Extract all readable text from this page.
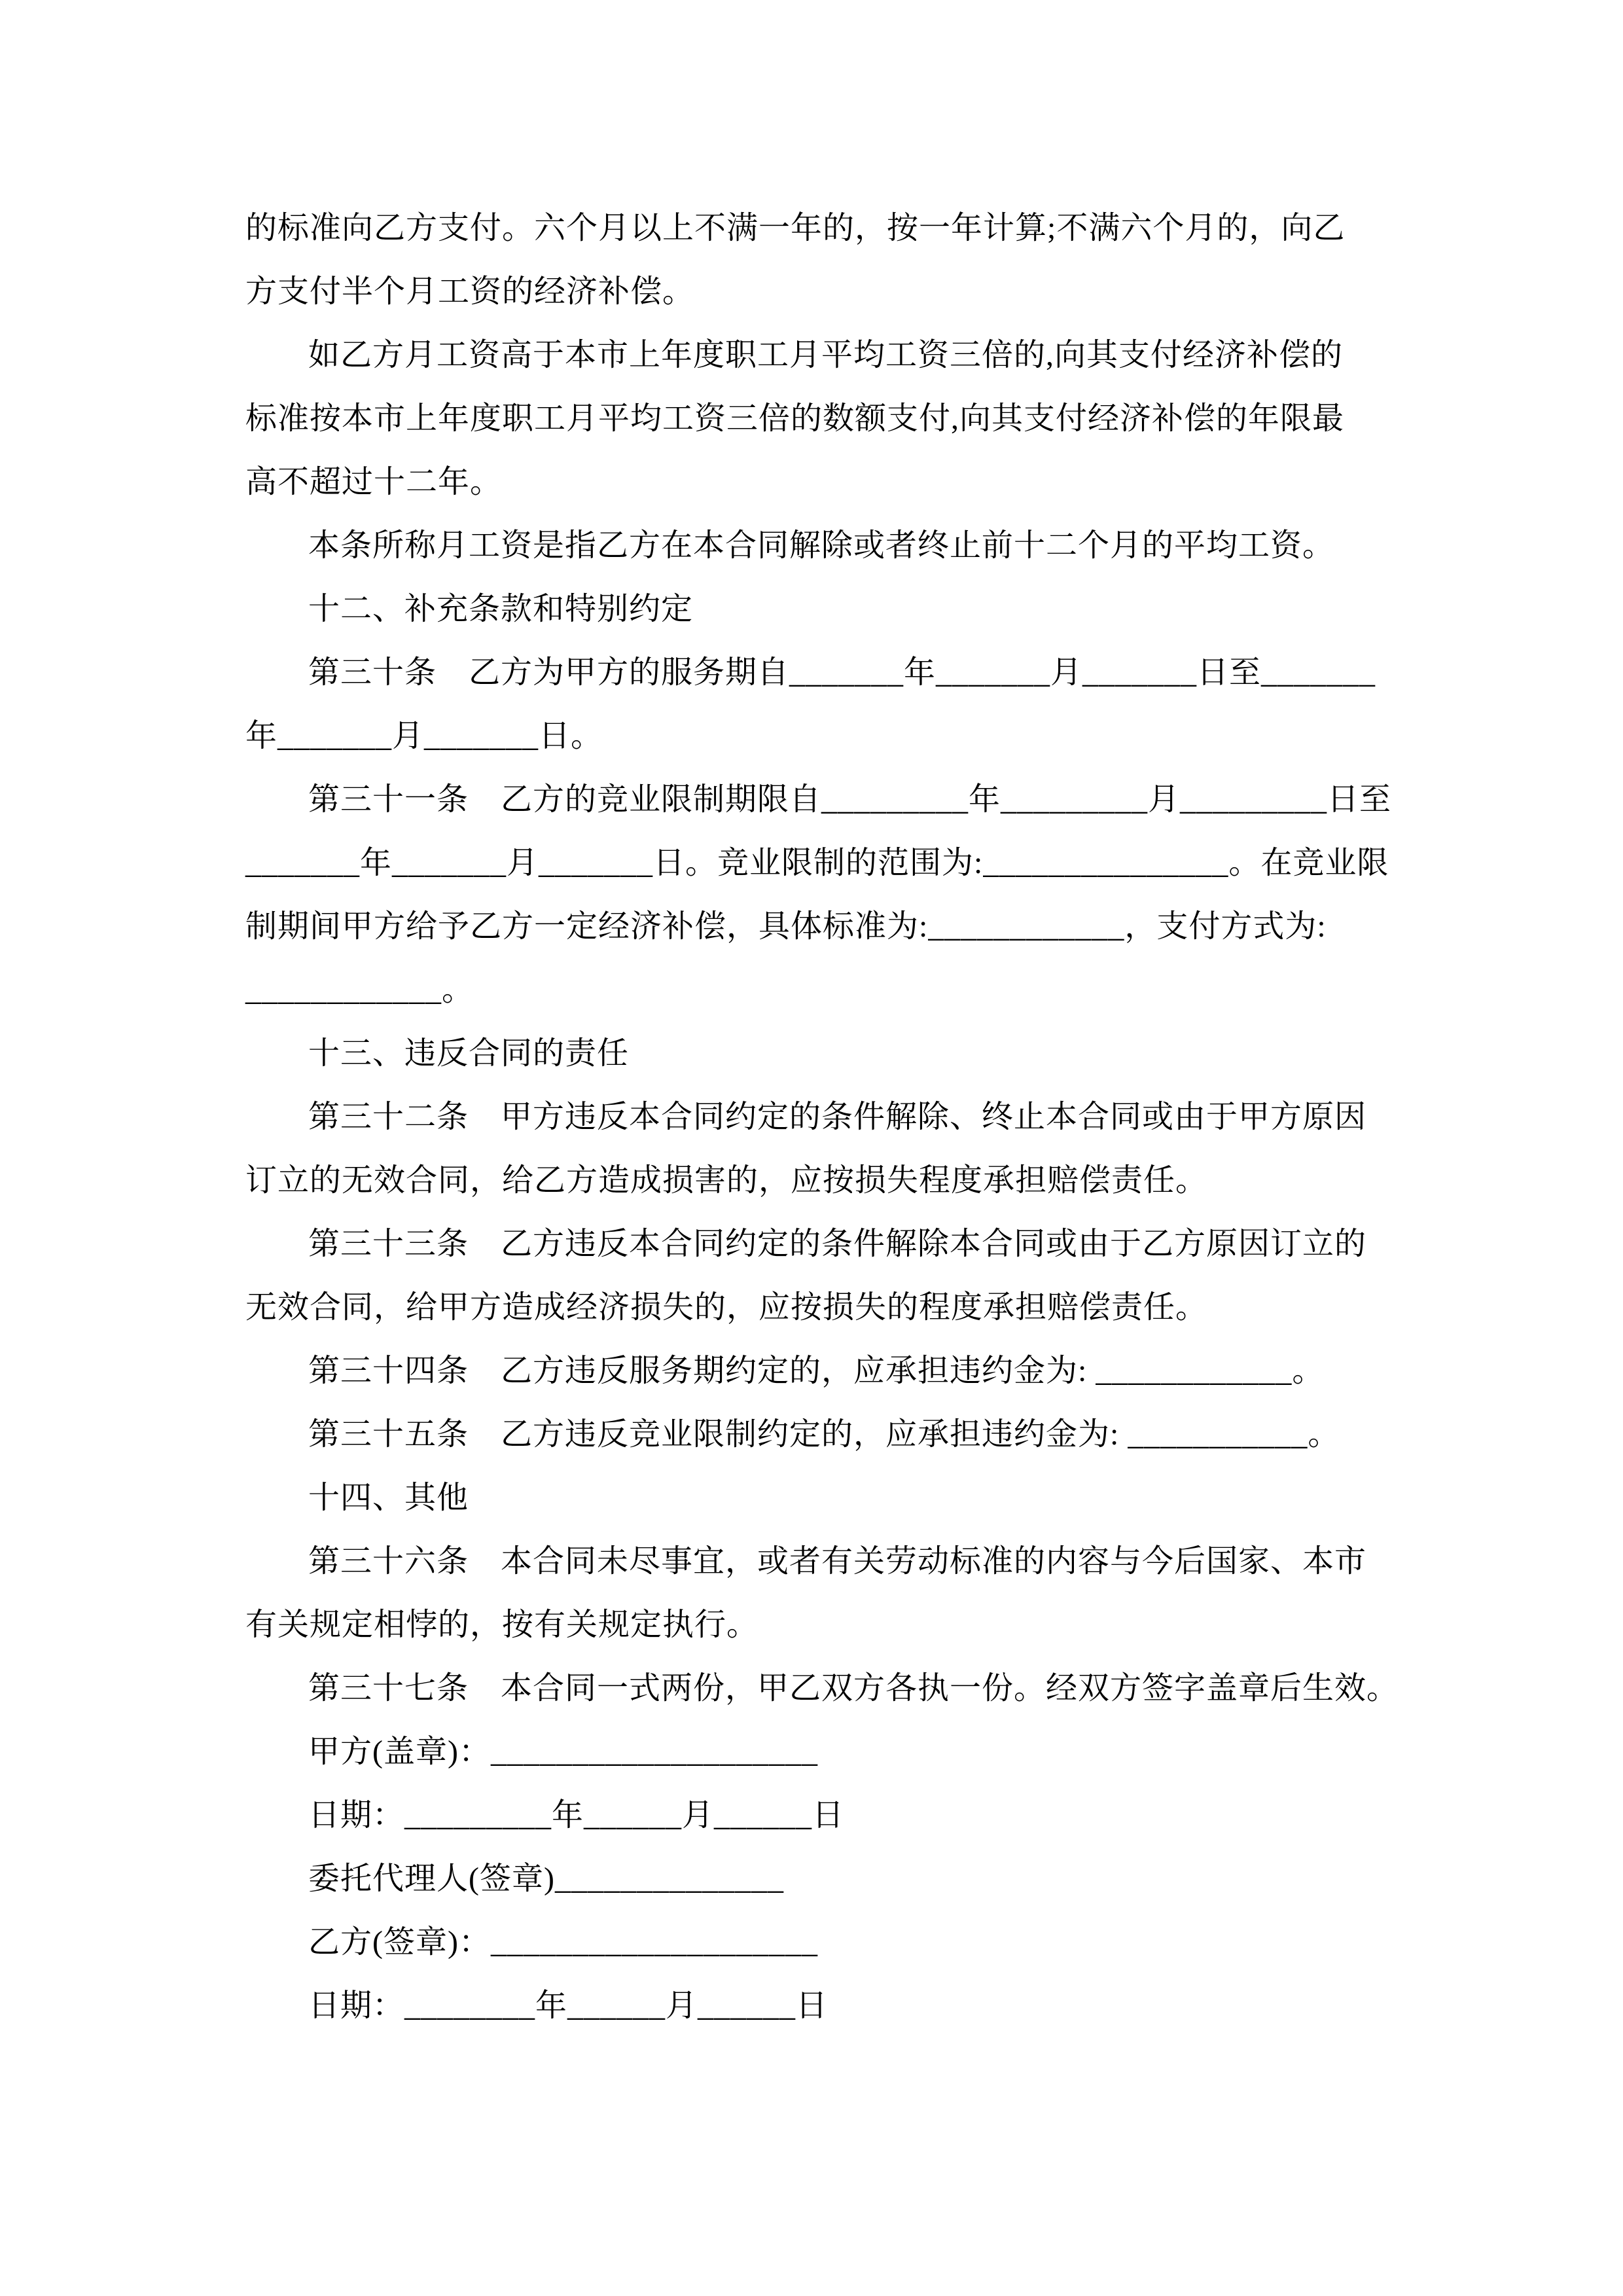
的标准向乙方支付。六个月以上不满一年的，按一年计算;不满六个月的，向乙
方支付半个月工资的经济补偿。
如乙方月工资高于本市上年度职工月平均工资三倍的,向其支付经济补偿的
标准按本市上年度职工月平均工资三倍的数额支付,向其支付经济补偿的年限最
高不超过十二年。
本条所称月工资是指乙方在本合同解除或者终止前十二个月的平均工资。
十二、补充条款和特别约定
第三十条　乙方为甲方的服务期自_______年_______月_______日至_______
年_______月_______日。
第三十一条　乙方的竞业限制期限自_________年_________月_________日至
_______年_______月_______日。竞业限制的范围为:_______________。在竞业限
制期间甲方给予乙方一定经济补偿，具体标准为:____________，支付方式为:
____________。
十三、违反合同的责任
第三十二条　甲方违反本合同约定的条件解除、终止本合同或由于甲方原因
订立的无效合同，给乙方造成损害的，应按损失程度承担赔偿责任。
第三十三条　乙方违反本合同约定的条件解除本合同或由于乙方原因订立的
无效合同，给甲方造成经济损失的，应按损失的程度承担赔偿责任。
第三十四条　乙方违反服务期约定的，应承担违约金为: ____________。
第三十五条　乙方违反竞业限制约定的，应承担违约金为: ___________。
十四、其他
第三十六条　本合同未尽事宜，或者有关劳动标准的内容与今后国家、本市
有关规定相悖的，按有关规定执行。
第三十七条　本合同一式两份，甲乙双方各执一份。经双方签字盖章后生效。
甲方(盖章)：____________________
日期：_________年______月______日
委托代理人(签章)______________
乙方(签章)：____________________
日期：________年______月______日
